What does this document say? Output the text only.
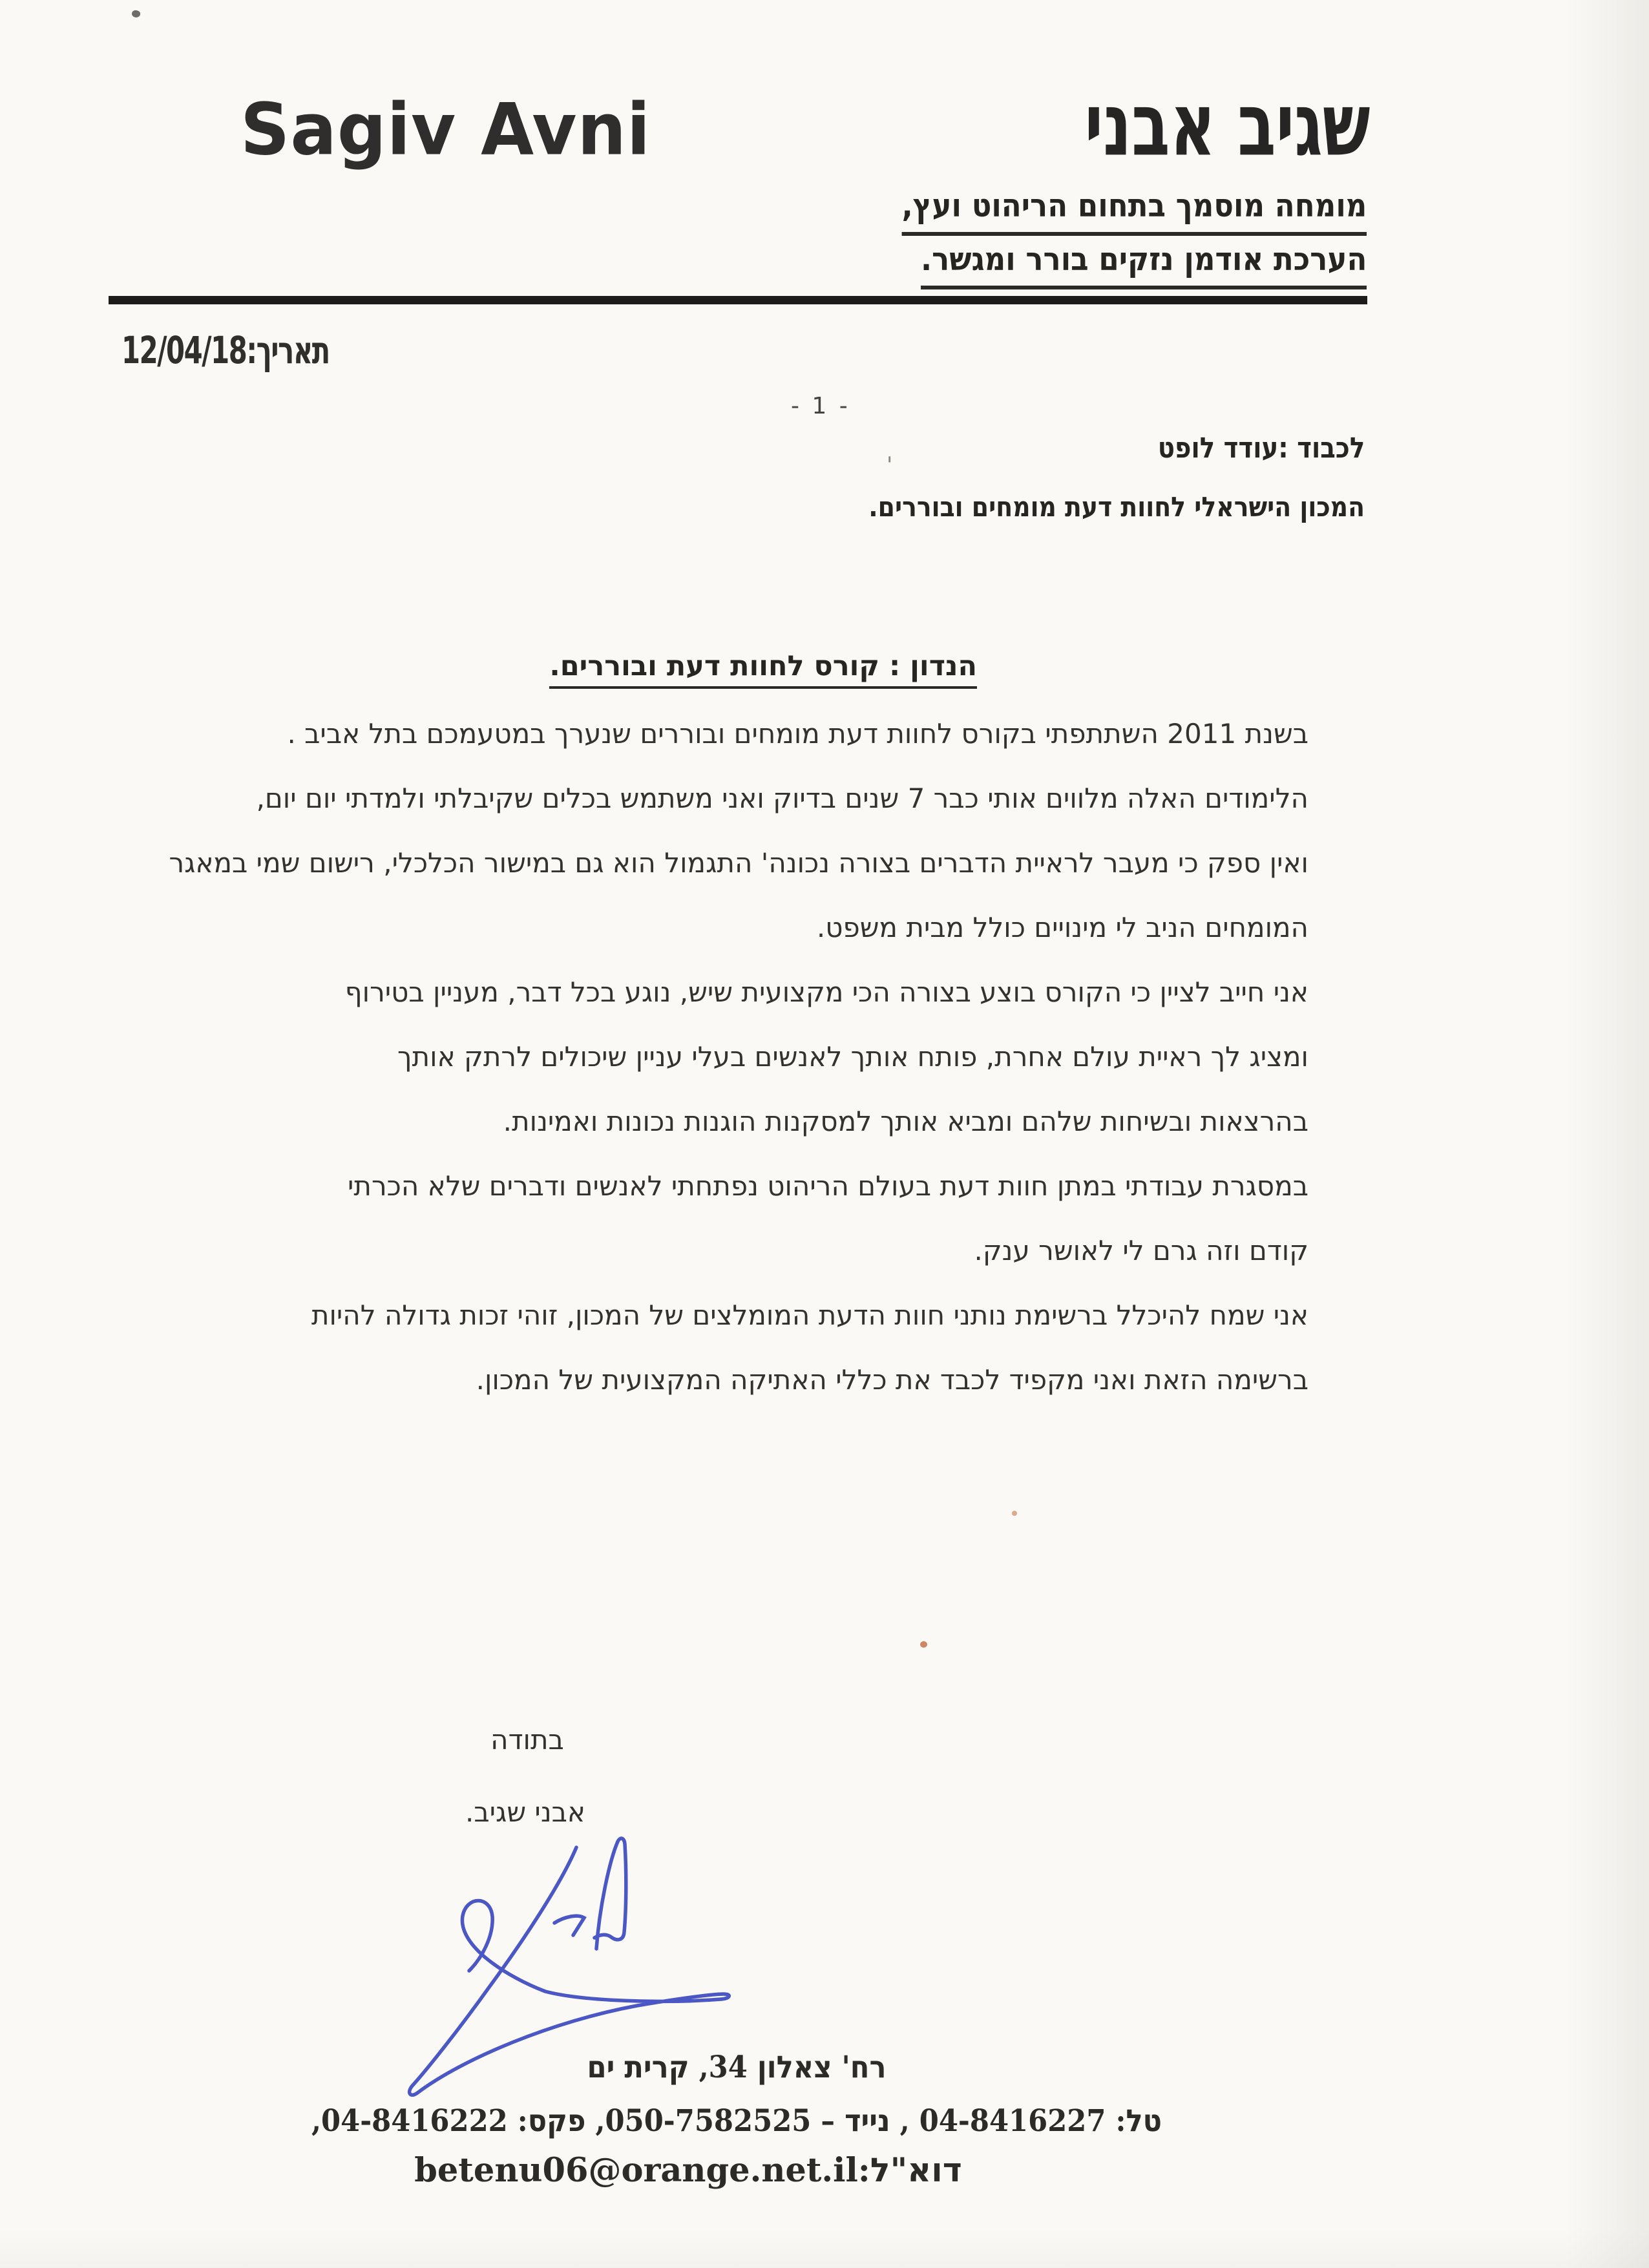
Sagiv Avni	שגיב אבני
מומחה מוסמך בתחום הריהוט ועץ,
הערכת אודמן נזקים בורר ומגשר.
תאריך:12/04/18
- 1 -
לכבוד :עודד לופט
המכון הישראלי לחוות דעת מומחים ובוררים.
'
הנדון : קורס לחוות דעת ובוררים.
בשנת 2011 השתתפתי בקורס לחוות דעת מומחים ובוררים שנערך במטעמכם בתל אביב .
הלימודים האלה מלווים אותי כבר 7 שנים בדיוק ואני משתמש בכלים שקיבלתי ולמדתי יום יום,
ואין ספק כי מעבר לראיית הדברים בצורה נכונה' התגמול הוא גם במישור הכלכלי, רישום שמי במאגר
המומחים הניב לי מינויים כולל מבית משפט.
אני חייב לציין כי הקורס בוצע בצורה הכי מקצועית שיש, נוגע בכל דבר, מעניין בטירוף
ומציג לך ראיית עולם אחרת, פותח אותך לאנשים בעלי עניין שיכולים לרתק אותך
בהרצאות ובשיחות שלהם ומביא אותך למסקנות הוגנות נכונות ואמינות.
במסגרת עבודתי במתן חוות דעת בעולם הריהוט נפתחתי לאנשים ודברים שלא הכרתי
קודם וזה גרם לי לאושר ענק.
אני שמח להיכלל ברשימת נותני חוות הדעת המומלצים של המכון, זוהי זכות גדולה להיות
ברשימה הזאת ואני מקפיד לכבד את כללי האתיקה המקצועית של המכון.
בתודה
אבני שגיב.
רח' צאלון 34, קרית ים
טל: 04-8416227 , נייד – 050-7582525, פקס: 04-8416222,
דוא"ל:betenu06@orange.net.il
